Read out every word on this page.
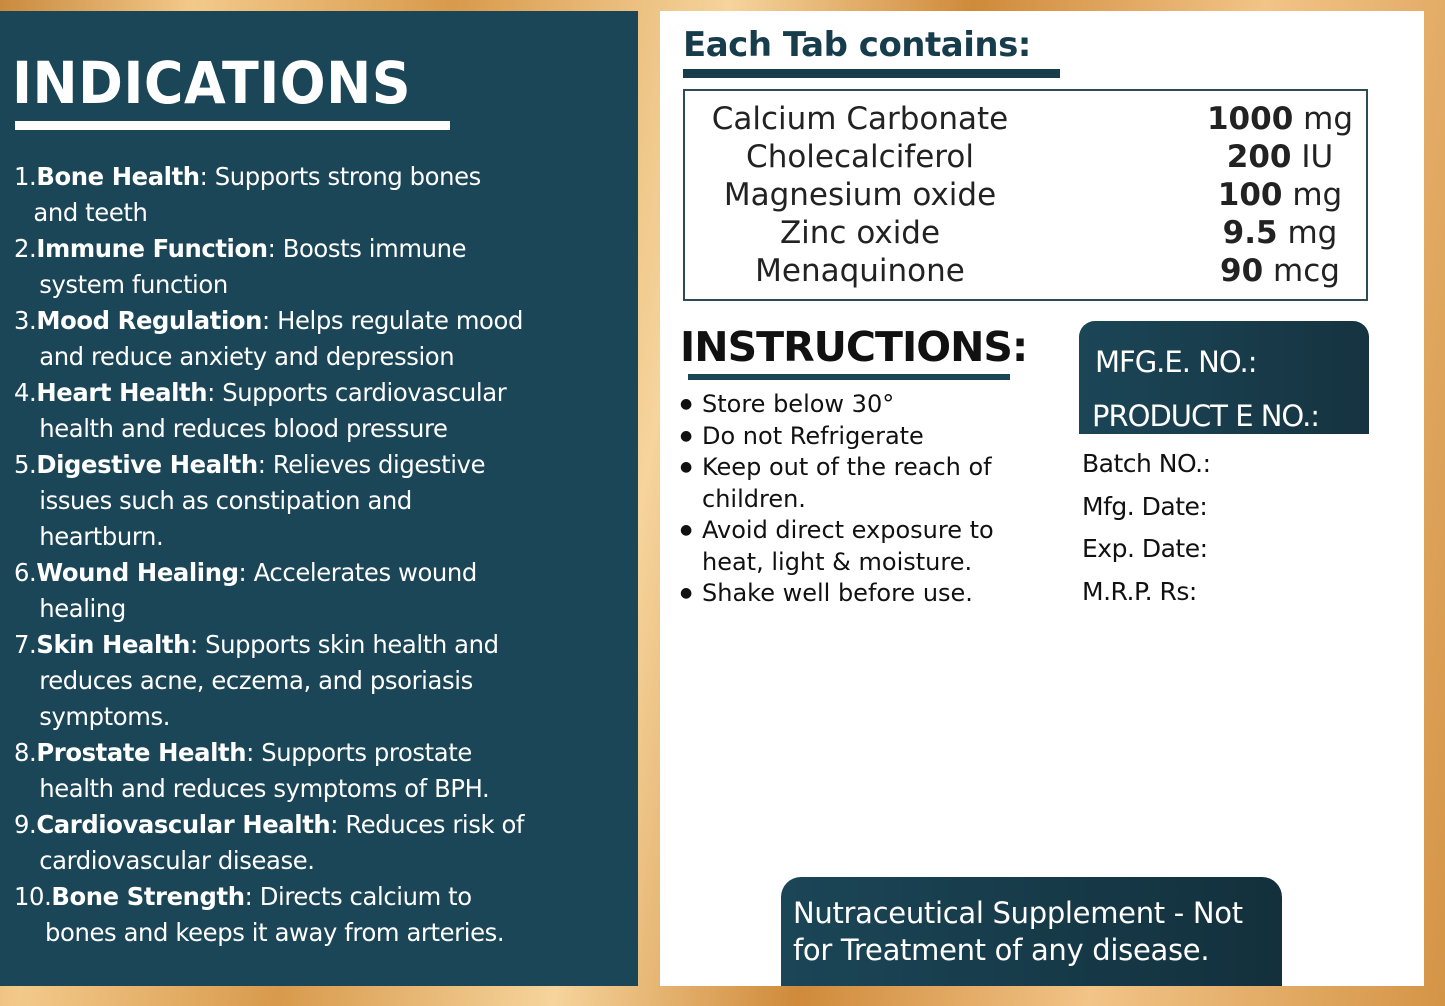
INDICATIONS
1.Bone Health: Supports strong bones
and teeth
2.Immune Function: Boosts immune
system function
3.Mood Regulation: Helps regulate mood
and reduce anxiety and depression
4.Heart Health: Supports cardiovascular
health and reduces blood pressure
5.Digestive Health: Relieves digestive
issues such as constipation and
heartburn.
6.Wound Healing: Accelerates wound
healing
7.Skin Health: Supports skin health and
reduces acne, eczema, and psoriasis
symptoms.
8.Prostate Health: Supports prostate
health and reduces symptoms of BPH.
9.Cardiovascular Health: Reduces risk of
cardiovascular disease.
10.Bone Strength: Directs calcium to
bones and keeps it away from arteries.
Each Tab contains:
Calcium Carbonate	1000 mg
Cholecalciferol	200 IU
Magnesium oxide	100 mg
Zinc oxide	9.5 mg
Menaquinone	90 mcg
INSTRUCTIONS:
● Store below 30°
● Do not Refrigerate
● Keep out of the reach of children.
● Avoid direct exposure to heat, light & moisture.
● Shake well before use.
MFG.E. NO.:
PRODUCT E NO.:
Batch NO.:
Mfg. Date:
Exp. Date:
M.R.P. Rs:
Nutraceutical Supplement - Not
for Treatment of any disease.
